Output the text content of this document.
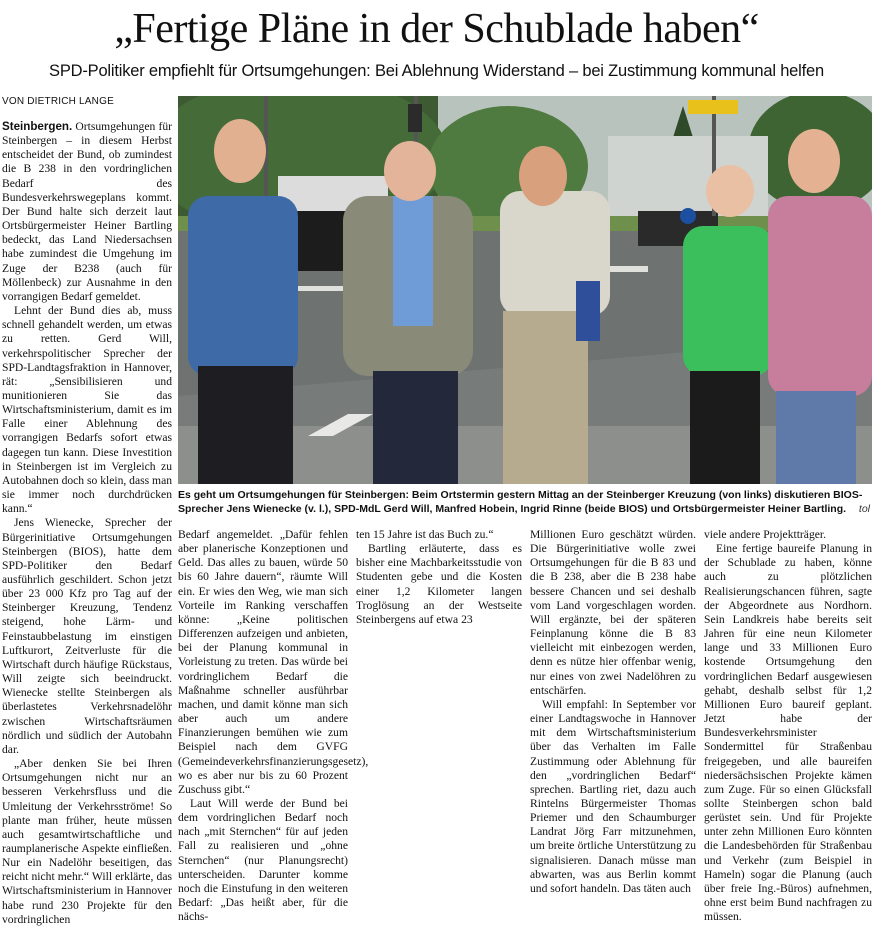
„Fertige Pläne in der Schublade haben“
SPD-Politiker empfiehlt für Ortsumgehungen: Bei Ablehnung Widerstand – bei Zustimmung kommunal helfen
VON DIETRICH LANGE

Steinbergen. Ortsumgehungen für Steinbergen – in diesem Herbst entscheidet der Bund, ob zumindest die B 238 in den vordringlichen Bedarf des Bundesverkehrswegeplans kommt. Der Bund halte sich derzeit laut Ortsbürgermeister Heiner Bartling bedeckt, das Land Niedersachsen habe zumindest die Umgehung im Zuge der B238 (auch für Möllenbeck) zur Ausnahme in den vorrangigen Bedarf gemeldet.

Lehnt der Bund dies ab, muss schnell gehandelt werden, um etwas zu retten. Gerd Will, verkehrspolitischer Sprecher der SPD-Landtagsfraktion in Hannover, rät: „Sensibilisieren und munitionieren Sie das Wirtschaftsministerium, damit es im Falle einer Ablehnung des vorrangigen Bedarfs sofort etwas dagegen tun kann. Diese Investition in Steinbergen ist im Vergleich zu Autobahnen doch so klein, dass man sie immer noch durchdrücken kann.“

Jens Wienecke, Sprecher der Bürgerinitiative Ortsumgehungen Steinbergen (BIOS), hatte dem SPD-Politiker den Bedarf ausführlich geschildert. Schon jetzt über 23 000 Kfz pro Tag auf der Steinberger Kreuzung, Tendenz steigend, hohe Lärm- und Feinstaubbelastung im einstigen Luftkurort, Zeitverluste für die Wirtschaft durch häufige Rückstaus, Will zeigte sich beeindruckt. Wienecke stellte Steinbergen als überlastetes Verkehrsnadelöhr zwischen Wirtschaftsräumen nördlich und südlich der Autobahn dar.

„Aber denken Sie bei Ihren Ortsumgehungen nicht nur an besseren Verkehrsfluss und die Umleitung der Verkehrsströme! So plante man früher, heute müssen auch gesamtwirtschaftliche und raumplanerische Aspekte einfließen. Nur ein Nadelöhr beseitigen, das reicht nicht mehr.“ Will erklärte, das Wirtschaftsministerium in Hannover habe rund 230 Projekte für den vordringlichen

Es geht um Ortsumgehungen für Steinbergen: Beim Ortstermin gestern Mittag an der Steinberger Kreuzung (von links) diskutieren BIOS-Sprecher Jens Wienecke (v. l.), SPD-MdL Gerd Will, Manfred Hobein, Ingrid Rinne (beide BIOS) und Ortsbürgermeister Heiner Bartling. tol

Bedarf angemeldet. „Dafür fehlen aber planerische Konzeptionen und Geld. Das alles zu bauen, würde 50 bis 60 Jahre dauern“, räumte Will ein. Er wies den Weg, wie man sich Vorteile im Ranking verschaffen könne: „Keine politischen Differenzen aufzeigen und anbieten, bei der Planung kommunal in Vorleistung zu treten. Das würde bei vordringlichem Bedarf die Maßnahme schneller ausführbar machen, und damit könne man sich aber auch um andere Finanzierungen bemühen wie zum Beispiel nach dem GVFG (Gemeindeverkehrsfinanzierungsgesetz), wo es aber nur bis zu 60 Prozent Zuschuss gibt.“

Laut Will werde der Bund bei dem vordringlichen Bedarf noch nach „mit Sternchen“ für auf jeden Fall zu realisieren und „ohne Sternchen“ (nur Planungsrecht) unterscheiden. Darunter komme noch die Einstufung in den weiteren Bedarf: „Das heißt aber, für die nächs-

ten 15 Jahre ist das Buch zu.“

Bartling erläuterte, dass es bisher eine Machbarkeitsstudie von Studenten gebe und die Kosten einer 1,2 Kilometer langen Troglösung an der Westseite Steinbergens auf etwa 23

Millionen Euro geschätzt würden. Die Bürgerinitiative wolle zwei Ortsumgehungen für die B 83 und die B 238, aber die B 238 habe bessere Chancen und sei deshalb vom Land vorgeschlagen worden. Will ergänzte, bei der späteren Feinplanung könne die B 83 vielleicht mit einbezogen werden, denn es nütze hier offenbar wenig, nur eines von zwei Nadelöhren zu entschärfen.

Will empfahl: In September vor einer Landtagswoche in Hannover mit dem Wirtschaftsministerium über das Verhalten im Falle Zustimmung oder Ablehnung für den „vordringlichen Bedarf“ sprechen. Bartling riet, dazu auch Rintelns Bürgermeister Thomas Priemer und den Schaumburger Landrat Jörg Farr mitzunehmen, um breite örtliche Unterstützung zu signalisieren. Danach müsse man abwarten, was aus Berlin kommt und sofort handeln. Das täten auch

viele andere Projektträger.

Eine fertige baureife Planung in der Schublade zu haben, könne auch zu plötzlichen Realisierungschancen führen, sagte der Abgeordnete aus Nordhorn. Sein Landkreis habe bereits seit Jahren für eine neun Kilometer lange und 33 Millionen Euro kostende Ortsumgehung den vordringlichen Bedarf ausgewiesen gehabt, deshalb selbst für 1,2 Millionen Euro baureif geplant. Jetzt habe der Bundesverkehrsminister Sondermittel für Straßenbau freigegeben, und alle baureifen niedersächsischen Projekte kämen zum Zuge. Für so einen Glücksfall sollte Steinbergen schon bald gerüstet sein. Und für Projekte unter zehn Millionen Euro könnten die Landesbehörden für Straßenbau und Verkehr (zum Beispiel in Hameln) sogar die Planung (auch über freie Ing.-Büros) aufnehmen, ohne erst beim Bund nachfragen zu müssen.
